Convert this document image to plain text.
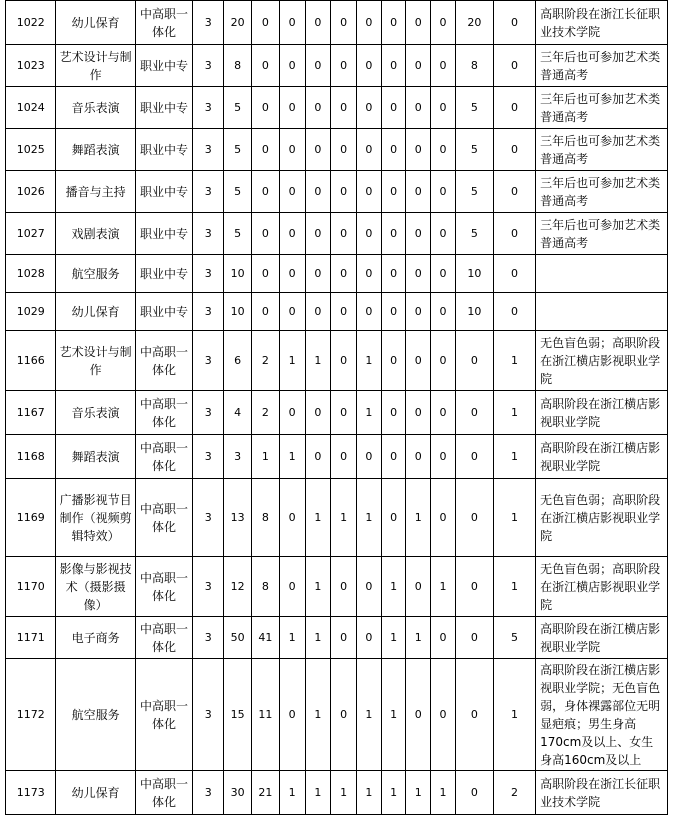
1022	幼儿保育	中高职一体化	3	20	0	0	0	0	0	0	0	0	20	0	高职阶段在浙江长征职业技术学院
1023	艺术设计与制作	职业中专	3	8	0	0	0	0	0	0	0	0	8	0	三年后也可参加艺术类普通高考
1024	音乐表演	职业中专	3	5	0	0	0	0	0	0	0	0	5	0	三年后也可参加艺术类普通高考
1025	舞蹈表演	职业中专	3	5	0	0	0	0	0	0	0	0	5	0	三年后也可参加艺术类普通高考
1026	播音与主持	职业中专	3	5	0	0	0	0	0	0	0	0	5	0	三年后也可参加艺术类普通高考
1027	戏剧表演	职业中专	3	5	0	0	0	0	0	0	0	0	5	0	三年后也可参加艺术类普通高考
1028	航空服务	职业中专	3	10	0	0	0	0	0	0	0	0	10	0	
1029	幼儿保育	职业中专	3	10	0	0	0	0	0	0	0	0	10	0	
1166	艺术设计与制作	中高职一体化	3	6	2	1	1	0	1	0	0	0	0	1	无色盲色弱；高职阶段在浙江横店影视职业学院
1167	音乐表演	中高职一体化	3	4	2	0	0	0	1	0	0	0	0	1	高职阶段在浙江横店影视职业学院
1168	舞蹈表演	中高职一体化	3	3	1	1	0	0	0	0	0	0	0	1	高职阶段在浙江横店影视职业学院
1169	广播影视节目制作（视频剪辑特效）	中高职一体化	3	13	8	0	1	1	1	0	1	0	0	1	无色盲色弱；高职阶段在浙江横店影视职业学院
1170	影像与影视技术（摄影摄像）	中高职一体化	3	12	8	0	1	0	0	1	0	1	0	1	无色盲色弱；高职阶段在浙江横店影视职业学院
1171	电子商务	中高职一体化	3	50	41	1	1	0	0	1	1	0	0	5	高职阶段在浙江横店影视职业学院
1172	航空服务	中高职一体化	3	15	11	0	1	0	1	1	0	0	0	1	高职阶段在浙江横店影视职业学院；无色盲色弱，身体裸露部位无明显疤痕；男生身高170cm及以上、女生身高160cm及以上
1173	幼儿保育	中高职一体化	3	30	21	1	1	1	1	1	1	1	0	2	高职阶段在浙江长征职业技术学院
